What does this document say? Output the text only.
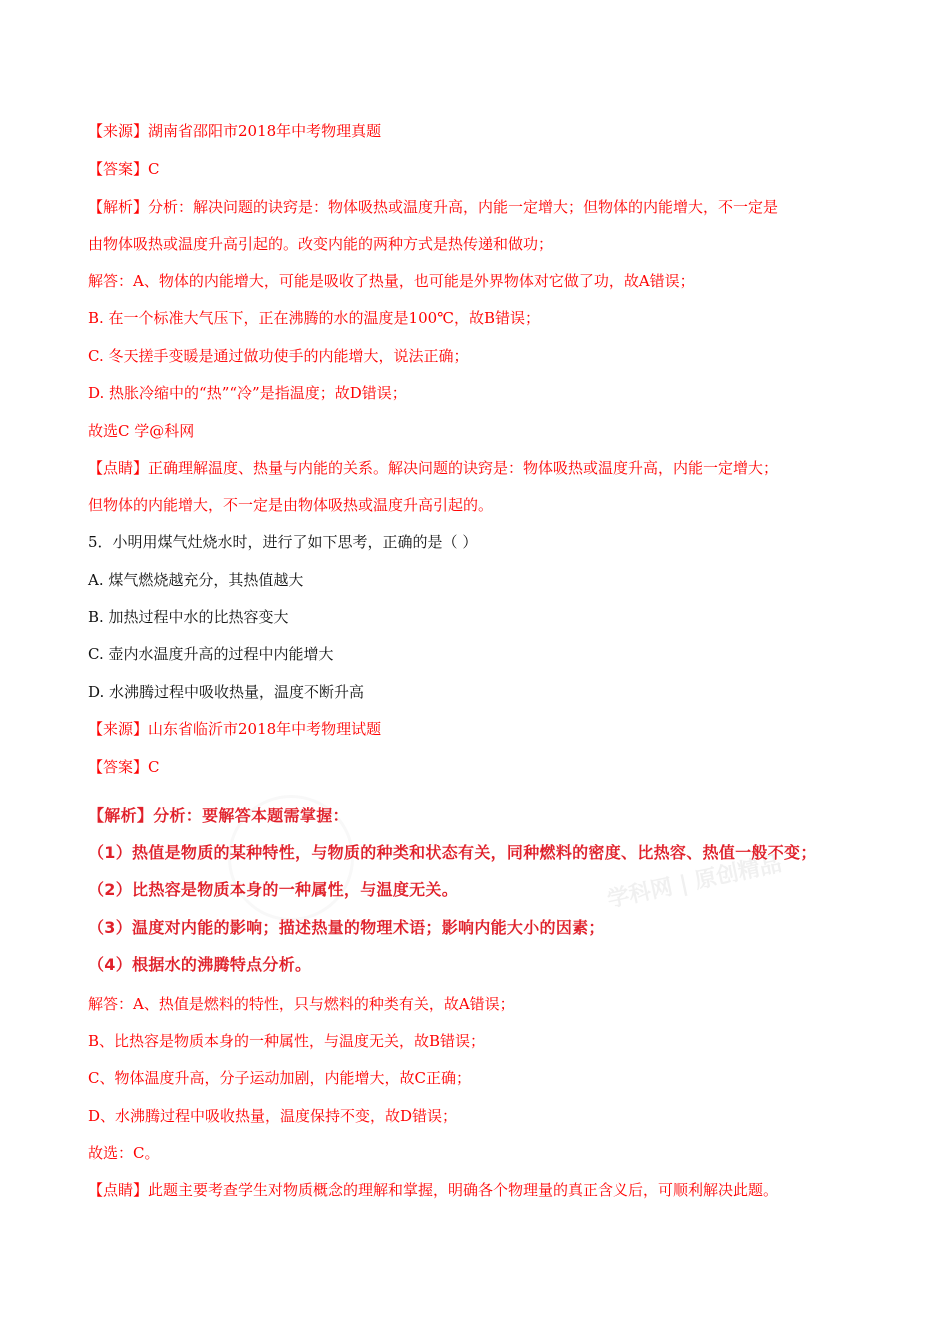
【来源】湖南省邵阳市2018年中考物理真题
【答案】C
【解析】分析：解决问题的诀窍是：物体吸热或温度升高，内能一定增大；但物体的内能增大，不一定是
由物体吸热或温度升高引起的。改变内能的两种方式是热传递和做功；
解答：A、物体的内能增大，可能是吸收了热量，也可能是外界物体对它做了功，故A错误；
B. 在一个标准大气压下，正在沸腾的水的温度是100℃，故B错误；
C. 冬天搓手变暖是通过做功使手的内能增大，说法正确；
D. 热胀冷缩中的“热”“冷”是指温度；故D错误；
故选C 学@科网
【点睛】正确理解温度、热量与内能的关系。解决问题的诀窍是：物体吸热或温度升高，内能一定增大；
但物体的内能增大，不一定是由物体吸热或温度升高引起的。
5．小明用煤气灶烧水时，进行了如下思考，正确的是（ ）
A. 煤气燃烧越充分，其热值越大
B. 加热过程中水的比热容变大
C. 壶内水温度升高的过程中内能增大
D. 水沸腾过程中吸收热量，温度不断升高
【来源】山东省临沂市2018年中考物理试题
【答案】C
学科网 | 原创精品
【解析】分析：要解答本题需掌握：
（1）热值是物质的某种特性，与物质的种类和状态有关，同种燃料的密度、比热容、热值一般不变；
（2）比热容是物质本身的一种属性，与温度无关。
（3）温度对内能的影响；描述热量的物理术语；影响内能大小的因素；
（4）根据水的沸腾特点分析。
解答：A、热值是燃料的特性，只与燃料的种类有关，故A错误；
B、比热容是物质本身的一种属性，与温度无关，故B错误；
C、物体温度升高，分子运动加剧，内能增大，故C正确；
D、水沸腾过程中吸收热量，温度保持不变，故D错误；
故选：C。
【点睛】此题主要考查学生对物质概念的理解和掌握，明确各个物理量的真正含义后，可顺利解决此题。
